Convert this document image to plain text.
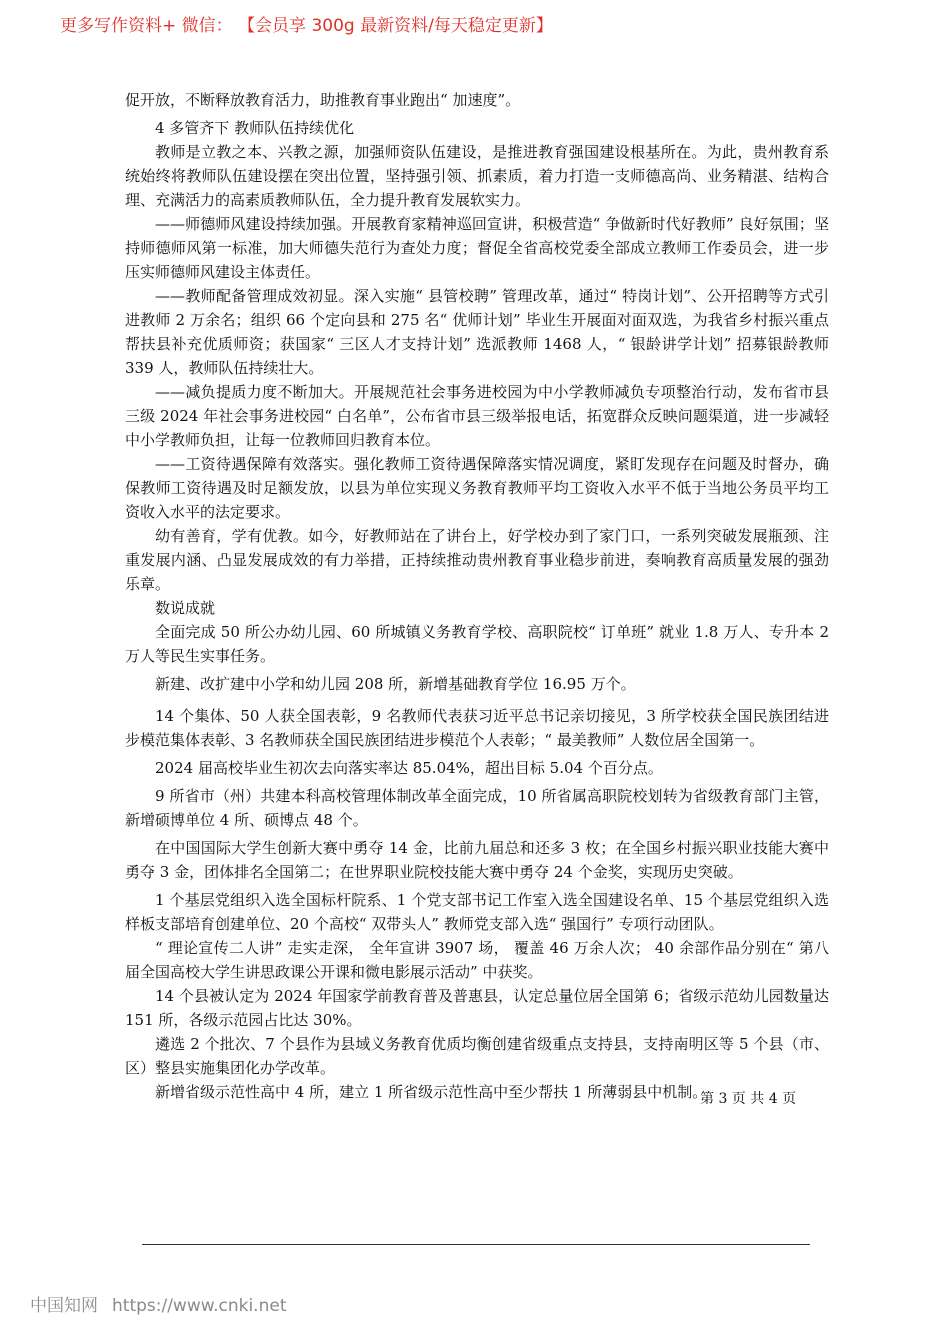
更多写作资料+ 微信： 【会员享 300g 最新资料/每天稳定更新】

促开放，不断释放教育活力，助推教育事业跑出“ 加速度”。

4 多管齐下 教师队伍持续优化

教师是立教之本、兴教之源，加强师资队伍建设，是推进教育强国建设根基所在。为此，贵州教育系统始终将教师队伍建设摆在突出位置，坚持强引领、抓素质，着力打造一支师德高尚、业务精湛、结构合理、充满活力的高素质教师队伍，全力提升教育发展软实力。

——师德师风建设持续加强。开展教育家精神巡回宣讲，积极营造“ 争做新时代好教师” 良好氛围；坚持师德师风第一标准，加大师德失范行为查处力度；督促全省高校党委全部成立教师工作委员会，进一步压实师德师风建设主体责任。

——教师配备管理成效初显。深入实施“ 县管校聘” 管理改革，通过“ 特岗计划”、公开招聘等方式引进教师 2 万余名；组织 66 个定向县和 275 名“ 优师计划” 毕业生开展面对面双选，为我省乡村振兴重点帮扶县补充优质师资；获国家“ 三区人才支持计划” 选派教师 1468 人，“ 银龄讲学计划” 招募银龄教师 339 人，教师队伍持续壮大。

——减负提质力度不断加大。开展规范社会事务进校园为中小学教师减负专项整治行动，发布省市县三级 2024 年社会事务进校园“ 白名单”，公布省市县三级举报电话，拓宽群众反映问题渠道，进一步减轻中小学教师负担，让每一位教师回归教育本位。

——工资待遇保障有效落实。强化教师工资待遇保障落实情况调度，紧盯发现存在问题及时督办，确保教师工资待遇及时足额发放，以县为单位实现义务教育教师平均工资收入水平不低于当地公务员平均工资收入水平的法定要求。

幼有善育，学有优教。如今，好教师站在了讲台上，好学校办到了家门口，一系列突破发展瓶颈、注重发展内涵、凸显发展成效的有力举措，正持续推动贵州教育事业稳步前进，奏响教育高质量发展的强劲乐章。

数说成就

全面完成 50 所公办幼儿园、60 所城镇义务教育学校、高职院校“ 订单班” 就业 1.8 万人、专升本 2 万人等民生实事任务。

新建、改扩建中小学和幼儿园 208 所，新增基础教育学位 16.95 万个。

14 个集体、50 人获全国表彰，9 名教师代表获习近平总书记亲切接见，3 所学校获全国民族团结进步模范集体表彰、3 名教师获全国民族团结进步模范个人表彰；“ 最美教师” 人数位居全国第一。

2024 届高校毕业生初次去向落实率达 85.04%，超出目标 5.04 个百分点。

9 所省市（州）共建本科高校管理体制改革全面完成，10 所省属高职院校划转为省级教育部门主管，新增硕博单位 4 所、硕博点 48 个。

在中国国际大学生创新大赛中勇夺 14 金，比前九届总和还多 3 枚；在全国乡村振兴职业技能大赛中勇夺 3 金，团体排名全国第二；在世界职业院校技能大赛中勇夺 24 个金奖，实现历史突破。

1 个基层党组织入选全国标杆院系、1 个党支部书记工作室入选全国建设名单、15 个基层党组织入选样板支部培育创建单位、20 个高校“ 双带头人” 教师党支部入选“ 强国行” 专项行动团队。

“ 理论宣传二人讲” 走实走深， 全年宣讲 3907 场， 覆盖 46 万余人次； 40 余部作品分别在“ 第八届全国高校大学生讲思政课公开课和微电影展示活动” 中获奖。

14 个县被认定为 2024 年国家学前教育普及普惠县，认定总量位居全国第 6；省级示范幼儿园数量达 151 所，各级示范园占比达 30%。

遴选 2 个批次、7 个县作为县域义务教育优质均衡创建省级重点支持县，支持南明区等 5 个县（市、区）整县实施集团化办学改革。

新增省级示范性高中 4 所，建立 1 所省级示范性高中至少帮扶 1 所薄弱县中机制。

第 3 页 共 4 页
中国知网 https://www.cnki.net
